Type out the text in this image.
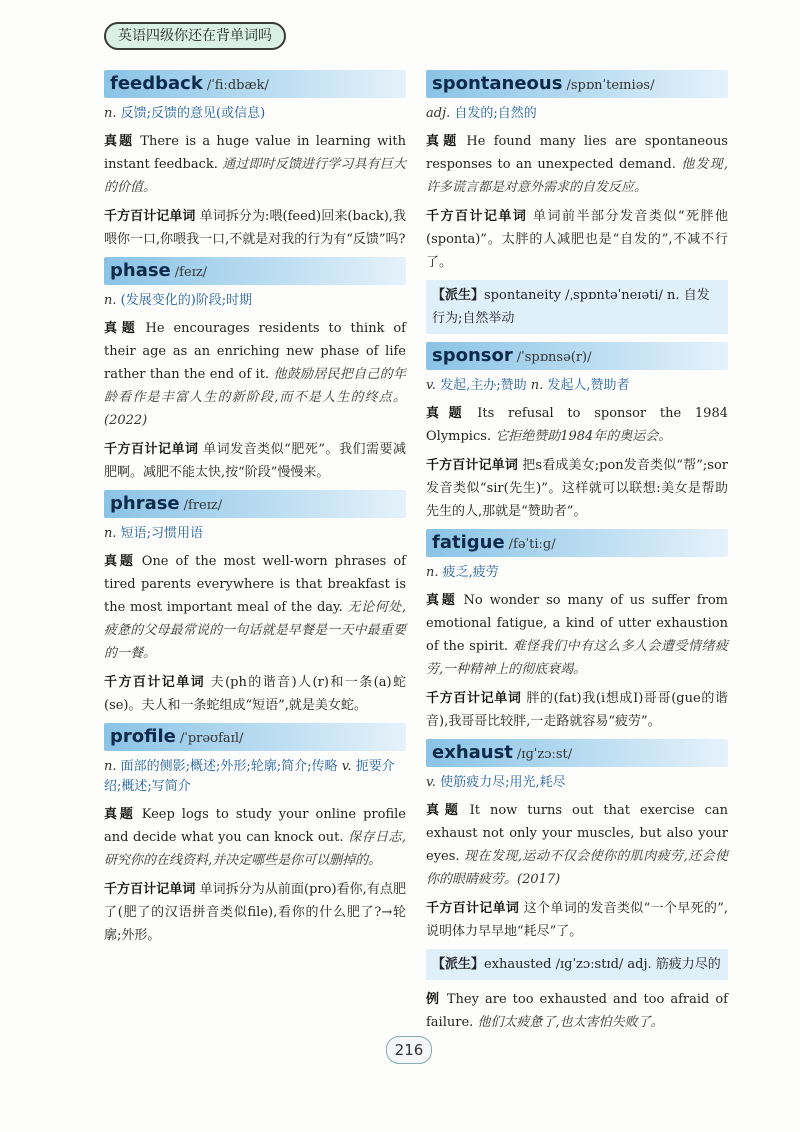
英语四级你还在背单词吗
feedback /ˈfiːdbæk/
n. 反馈;反馈的意见(或信息)
真题 There is a huge value in learning with instant feedback. 通过即时反馈进行学习具有巨大的价值。
千方百计记单词 单词拆分为:喂(feed)回来(back),我喂你一口,你喂我一口,不就是对我的行为有“反馈”吗?
phase /feɪz/
n. (发展变化的)阶段;时期
真题 He encourages residents to think of their age as an enriching new phase of life rather than the end of it. 他鼓励居民把自己的年龄看作是丰富人生的新阶段,而不是人生的终点。(2022)
千方百计记单词 单词发音类似“肥死”。我们需要减肥啊。减肥不能太快,按“阶段”慢慢来。
phrase /freɪz/
n. 短语;习惯用语
真题 One of the most well-worn phrases of tired parents everywhere is that breakfast is the most important meal of the day. 无论何处,疲惫的父母最常说的一句话就是早餐是一天中最重要的一餐。
千方百计记单词 夫(ph的谐音)人(r)和一条(a)蛇(se)。夫人和一条蛇组成“短语”,就是美女蛇。
profile /ˈprəʊfaɪl/
n. 面部的侧影;概述;外形;轮廓;简介;传略 v. 扼要介绍;概述;写简介
真题 Keep logs to study your online profile and decide what you can knock out. 保存日志,研究你的在线资料,并决定哪些是你可以删掉的。
千方百计记单词 单词拆分为从前面(pro)看你,有点肥了(肥了的汉语拼音类似file),看你的什么肥了?→轮廓;外形。
spontaneous /spɒnˈteɪniəs/
adj. 自发的;自然的
真题 He found many lies are spontaneous responses to an unexpected demand. 他发现,许多谎言都是对意外需求的自发反应。
千方百计记单词 单词前半部分发音类似“死胖他(sponta)”。太胖的人减肥也是“自发的”,不减不行了。
【派生】spontaneity /ˌspɒntəˈneɪəti/ n. 自发行为;自然举动
sponsor /ˈspɒnsə(r)/
v. 发起,主办;赞助 n. 发起人,赞助者
真题 Its refusal to sponsor the 1984 Olympics. 它拒绝赞助1984年的奥运会。
千方百计记单词 把s看成美女;pon发音类似“帮”;sor发音类似“sir(先生)”。这样就可以联想:美女是帮助先生的人,那就是“赞助者”。
fatigue /fəˈtiːɡ/
n. 疲乏,疲劳
真题 No wonder so many of us suffer from emotional fatigue, a kind of utter exhaustion of the spirit. 难怪我们中有这么多人会遭受情绪疲劳,一种精神上的彻底衰竭。
千方百计记单词 胖的(fat)我(i想成I)哥哥(gue的谐音),我哥哥比较胖,一走路就容易“疲劳”。
exhaust /ɪɡˈzɔːst/
v. 使筋疲力尽;用光,耗尽
真题 It now turns out that exercise can exhaust not only your muscles, but also your eyes. 现在发现,运动不仅会使你的肌肉疲劳,还会使你的眼睛疲劳。(2017)
千方百计记单词 这个单词的发音类似“一个早死的”,说明体力早早地“耗尽”了。
【派生】exhausted /ɪɡˈzɔːstɪd/ adj. 筋疲力尽的
例 They are too exhausted and too afraid of failure. 他们太疲惫了,也太害怕失败了。
216
